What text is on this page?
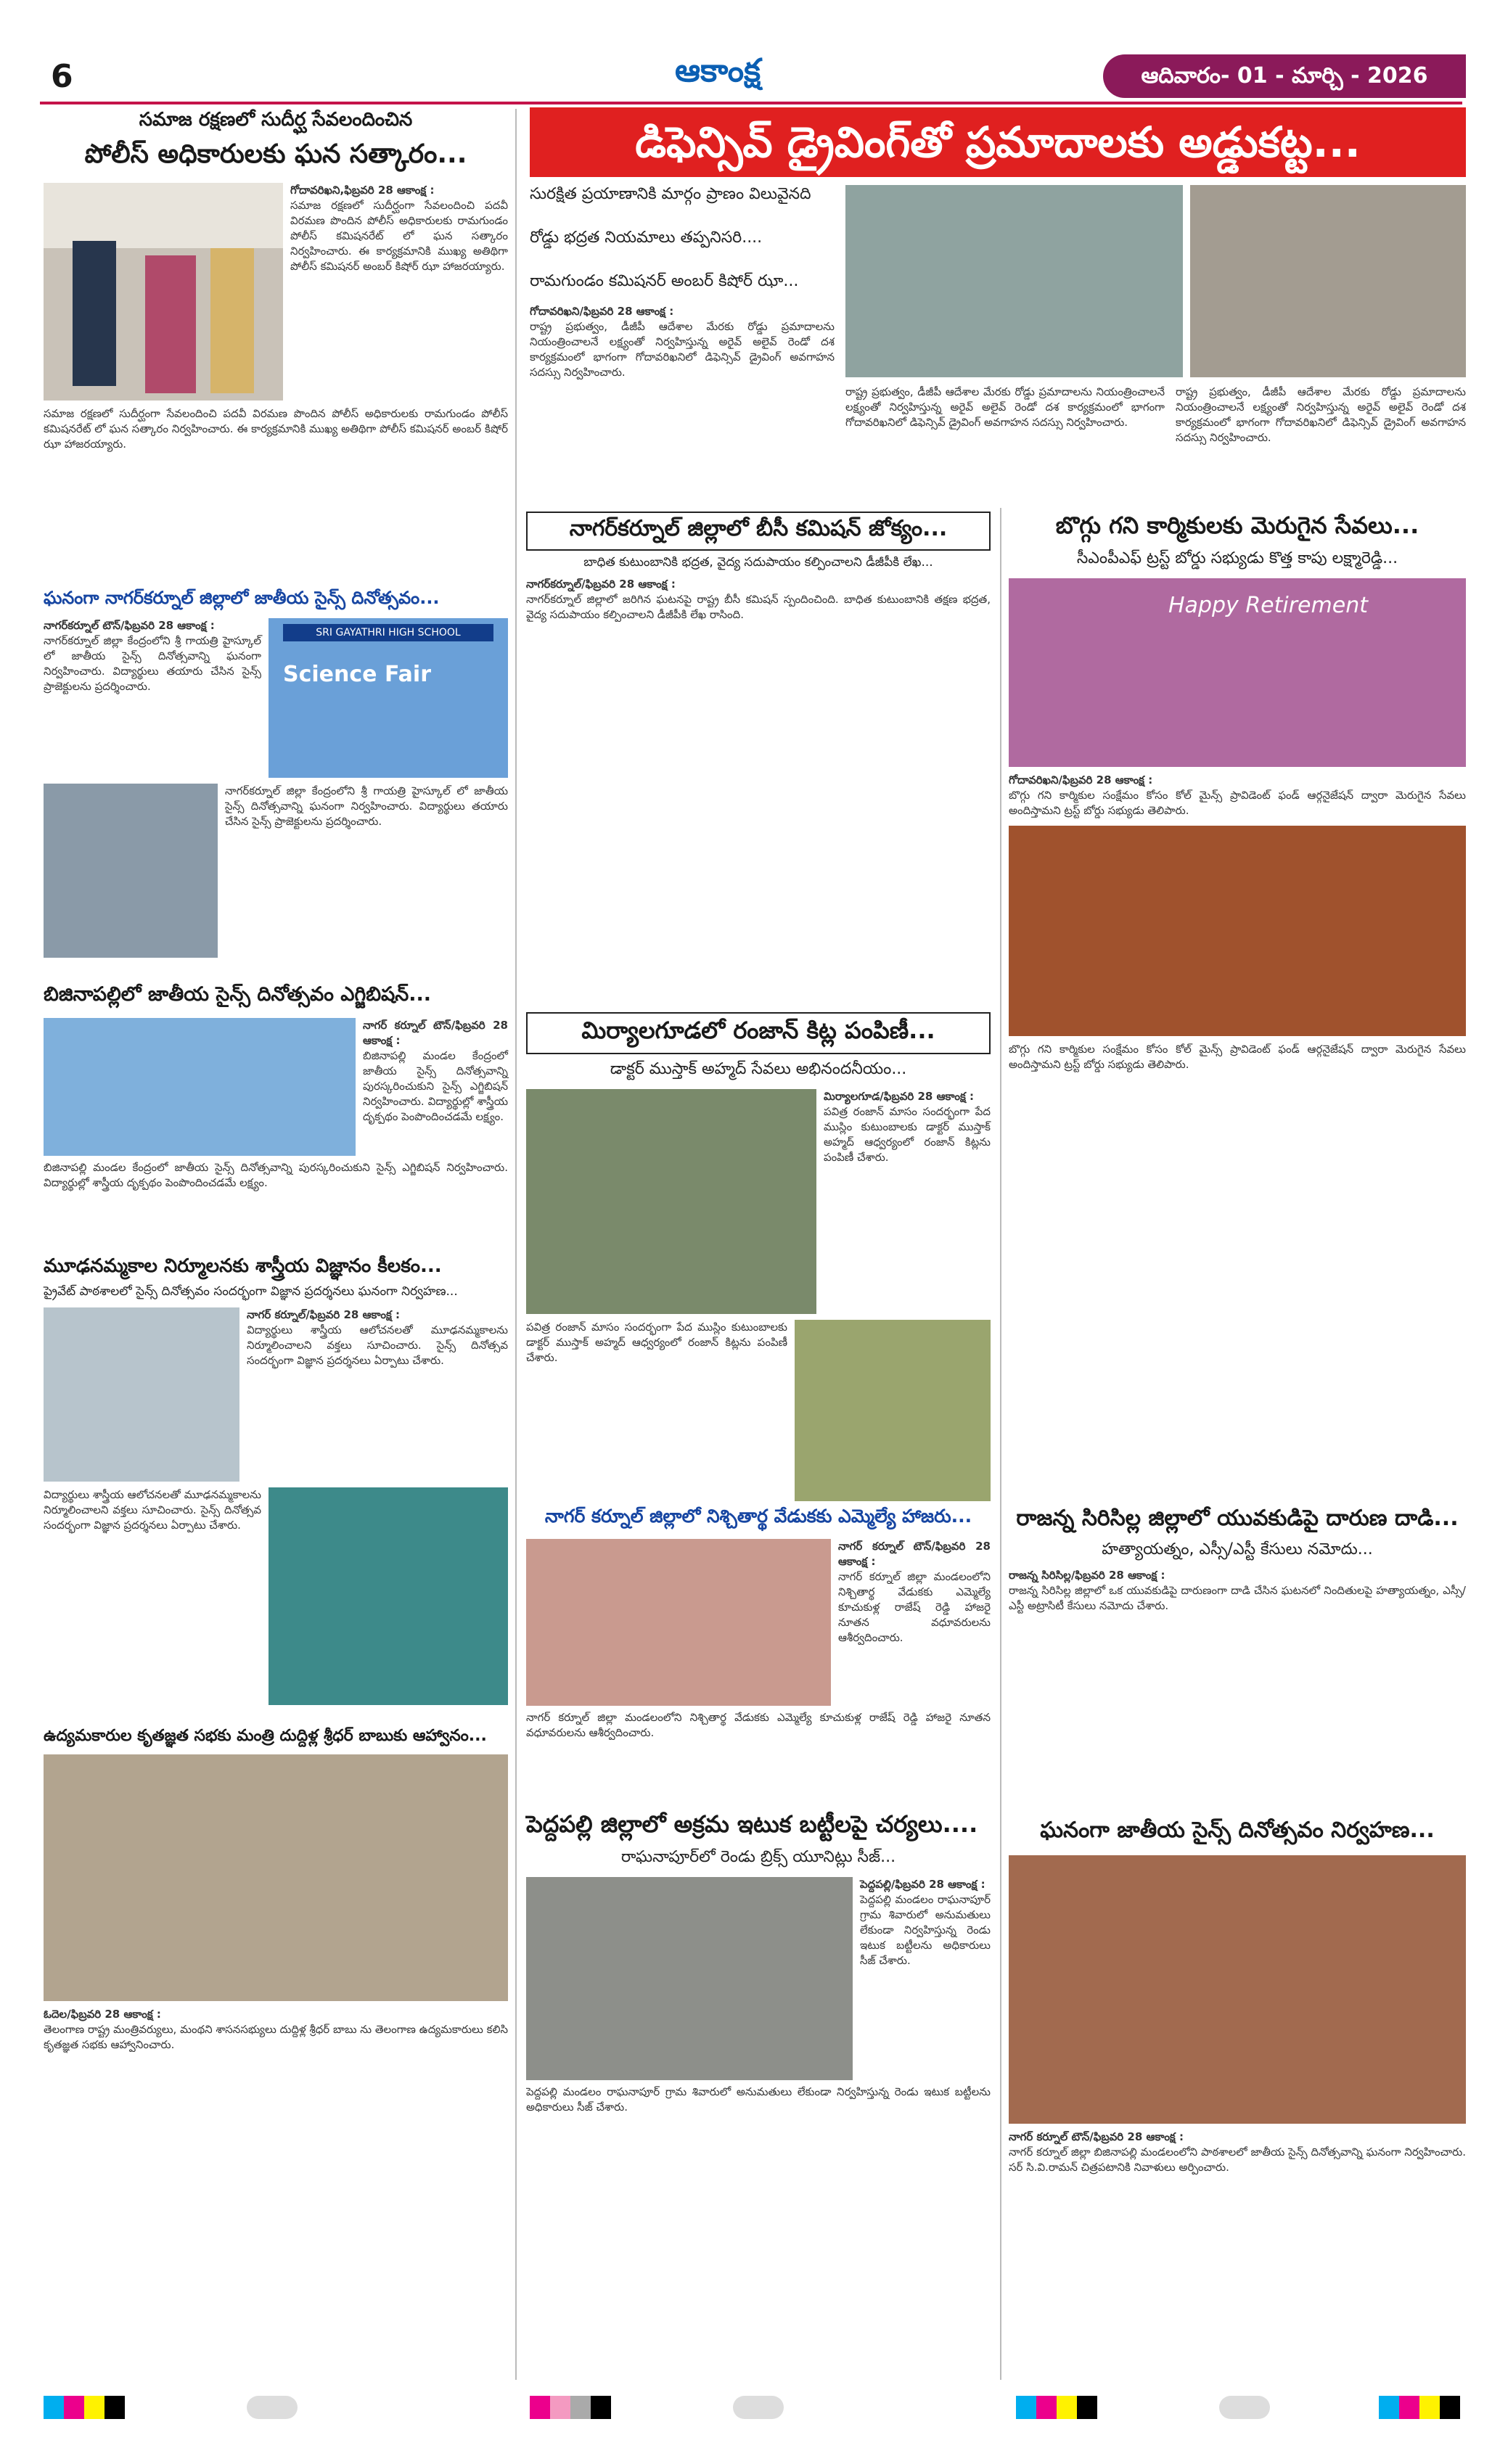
6	ఆకాంక్ష	ఆదివారం- 01 - మార్చి - 2026
సమాజ రక్షణలో సుదీర్ఘ సేవలందించిన
పోలీస్ అధికారులకు ఘన సత్కారం...
గోదావరిఖని,ఫిబ్రవరి 28 ఆకాంక్ష :
సమాజ రక్షణలో సుదీర్ఘంగా సేవలందించి పదవీ విరమణ పొందిన పోలీస్ అధికారులకు రామగుండం పోలీస్ కమిషనరేట్ లో ఘన సత్కారం నిర్వహించారు. ఈ కార్యక్రమానికి ముఖ్య అతిథిగా పోలీస్ కమిషనర్ అంబర్ కిషోర్ ఝా హాజరయ్యారు.
సమాజ రక్షణలో సుదీర్ఘంగా సేవలందించి పదవీ విరమణ పొందిన పోలీస్ అధికారులకు రామగుండం పోలీస్ కమిషనరేట్ లో ఘన సత్కారం నిర్వహించారు. ఈ కార్యక్రమానికి ముఖ్య అతిథిగా పోలీస్ కమిషనర్ అంబర్ కిషోర్ ఝా హాజరయ్యారు.
ఘనంగా నాగర్‌కర్నూల్ జిల్లాలో జాతీయ సైన్స్ దినోత్సవం...
నాగర్‌కర్నూల్ టౌన్/ఫిబ్రవరి 28 ఆకాంక్ష :
నాగర్‌కర్నూల్ జిల్లా కేంద్రంలోని శ్రీ గాయత్రి హైస్కూల్ లో జాతీయ సైన్స్ దినోత్సవాన్ని ఘనంగా నిర్వహించారు. విద్యార్థులు తయారు చేసిన సైన్స్ ప్రాజెక్టులను ప్రదర్శించారు.
SRI GAYATHRI HIGH SCHOOL
Science Fair
నాగర్‌కర్నూల్ జిల్లా కేంద్రంలోని శ్రీ గాయత్రి హైస్కూల్ లో జాతీయ సైన్స్ దినోత్సవాన్ని ఘనంగా నిర్వహించారు. విద్యార్థులు తయారు చేసిన సైన్స్ ప్రాజెక్టులను ప్రదర్శించారు.
బిజినాపల్లిలో జాతీయ సైన్స్ దినోత్సవం ఎగ్జిబిషన్...
నాగర్ కర్నూల్ టౌన్/ఫిబ్రవరి 28 ఆకాంక్ష :
బిజినాపల్లి మండల కేంద్రంలో జాతీయ సైన్స్ దినోత్సవాన్ని పురస్కరించుకుని సైన్స్ ఎగ్జిబిషన్ నిర్వహించారు. విద్యార్థుల్లో శాస్త్రీయ దృక్పథం పెంపొందించడమే లక్ష్యం.
బిజినాపల్లి మండల కేంద్రంలో జాతీయ సైన్స్ దినోత్సవాన్ని పురస్కరించుకుని సైన్స్ ఎగ్జిబిషన్ నిర్వహించారు. విద్యార్థుల్లో శాస్త్రీయ దృక్పథం పెంపొందించడమే లక్ష్యం.
మూఢనమ్మకాల నిర్మూలనకు శాస్త్రీయ విజ్ఞానం కీలకం...
ప్రైవేట్ పాఠశాలలో సైన్స్ దినోత్సవం సందర్భంగా విజ్ఞాన ప్రదర్శనలు ఘనంగా నిర్వహణ...
నాగర్ కర్నూల్/ఫిబ్రవరి 28 ఆకాంక్ష :
విద్యార్థులు శాస్త్రీయ ఆలోచనలతో మూఢనమ్మకాలను నిర్మూలించాలని వక్తలు సూచించారు. సైన్స్ దినోత్సవ సందర్భంగా విజ్ఞాన ప్రదర్శనలు ఏర్పాటు చేశారు.
విద్యార్థులు శాస్త్రీయ ఆలోచనలతో మూఢనమ్మకాలను నిర్మూలించాలని వక్తలు సూచించారు. సైన్స్ దినోత్సవ సందర్భంగా విజ్ఞాన ప్రదర్శనలు ఏర్పాటు చేశారు.
ఉద్యమకారుల కృతజ్ఞత సభకు మంత్రి దుద్దిళ్ల శ్రీధర్ బాబుకు ఆహ్వానం...
ఓదెల/ఫిబ్రవరి 28 ఆకాంక్ష :
తెలంగాణ రాష్ట్ర మంత్రివర్యులు, మంథని శాసనసభ్యులు దుద్దిళ్ల శ్రీధర్ బాబు ను తెలంగాణ ఉద్యమకారులు కలిసి కృతజ్ఞత సభకు ఆహ్వానించారు.
డిఫెన్సివ్ డ్రైవింగ్‌తో ప్రమాదాలకు అడ్డుకట్ట...
సురక్షిత ప్రయాణానికి మార్గం ప్రాణం విలువైనది
రోడ్డు భద్రత నియమాలు తప్పనిసరి....
రామగుండం కమిషనర్ అంబర్ కిషోర్ ఝా...
గోదావరిఖని/ఫిబ్రవరి 28 ఆకాంక్ష :
రాష్ట్ర ప్రభుత్వం, డీజీపీ ఆదేశాల మేరకు రోడ్డు ప్రమాదాలను నియంత్రించాలనే లక్ష్యంతో నిర్వహిస్తున్న అరైవ్ అలైవ్ రెండో దశ కార్యక్రమంలో భాగంగా గోదావరిఖనిలో డిఫెన్సివ్ డ్రైవింగ్ అవగాహన సదస్సు నిర్వహించారు.
రాష్ట్ర ప్రభుత్వం, డీజీపీ ఆదేశాల మేరకు రోడ్డు ప్రమాదాలను నియంత్రించాలనే లక్ష్యంతో నిర్వహిస్తున్న అరైవ్ అలైవ్ రెండో దశ కార్యక్రమంలో భాగంగా గోదావరిఖనిలో డిఫెన్సివ్ డ్రైవింగ్ అవగాహన సదస్సు నిర్వహించారు.
రాష్ట్ర ప్రభుత్వం, డీజీపీ ఆదేశాల మేరకు రోడ్డు ప్రమాదాలను నియంత్రించాలనే లక్ష్యంతో నిర్వహిస్తున్న అరైవ్ అలైవ్ రెండో దశ కార్యక్రమంలో భాగంగా గోదావరిఖనిలో డిఫెన్సివ్ డ్రైవింగ్ అవగాహన సదస్సు నిర్వహించారు.
నాగర్‌కర్నూల్ జిల్లాలో బీసీ కమిషన్ జోక్యం...
బాధిత కుటుంబానికి భద్రత, వైద్య సదుపాయం కల్పించాలని డీజీపీకి లేఖ...
నాగర్‌కర్నూల్/ఫిబ్రవరి 28 ఆకాంక్ష :
నాగర్‌కర్నూల్ జిల్లాలో జరిగిన ఘటనపై రాష్ట్ర బీసీ కమిషన్ స్పందించింది. బాధిత కుటుంబానికి తక్షణ భద్రత, వైద్య సదుపాయం కల్పించాలని డీజీపీకి లేఖ రాసింది.
మిర్యాలగూడలో రంజాన్ కిట్ల పంపిణీ...
డాక్టర్ ముస్తాక్ అహ్మద్ సేవలు అభినందనీయం...
మిర్యాలగూడ/ఫిబ్రవరి 28 ఆకాంక్ష :
పవిత్ర రంజాన్ మాసం సందర్భంగా పేద ముస్లిం కుటుంబాలకు డాక్టర్ ముస్తాక్ అహ్మద్ ఆధ్వర్యంలో రంజాన్ కిట్లను పంపిణీ చేశారు.
పవిత్ర రంజాన్ మాసం సందర్భంగా పేద ముస్లిం కుటుంబాలకు డాక్టర్ ముస్తాక్ అహ్మద్ ఆధ్వర్యంలో రంజాన్ కిట్లను పంపిణీ చేశారు.
నాగర్ కర్నూల్ జిల్లాలో నిశ్చితార్థ వేడుకకు ఎమ్మెల్యే హాజరు...
నాగర్ కర్నూల్ టౌన్/ఫిబ్రవరి 28 ఆకాంక్ష :
నాగర్ కర్నూల్ జిల్లా మండలంలోని నిశ్చితార్థ వేడుకకు ఎమ్మెల్యే కూచుకుళ్ల రాజేష్ రెడ్డి హాజరై నూతన వధూవరులను ఆశీర్వదించారు.
నాగర్ కర్నూల్ జిల్లా మండలంలోని నిశ్చితార్థ వేడుకకు ఎమ్మెల్యే కూచుకుళ్ల రాజేష్ రెడ్డి హాజరై నూతన వధూవరులను ఆశీర్వదించారు.
పెద్దపల్లి జిల్లాలో అక్రమ ఇటుక బట్టీలపై చర్యలు....
రాఘనాపూర్‌లో రెండు బ్రిక్స్ యూనిట్లు సీజ్...
పెద్దపల్లి/ఫిబ్రవరి 28 ఆకాంక్ష :
పెద్దపల్లి మండలం రాఘనాపూర్ గ్రామ శివారులో అనుమతులు లేకుండా నిర్వహిస్తున్న రెండు ఇటుక బట్టీలను అధికారులు సీజ్ చేశారు.
పెద్దపల్లి మండలం రాఘనాపూర్ గ్రామ శివారులో అనుమతులు లేకుండా నిర్వహిస్తున్న రెండు ఇటుక బట్టీలను అధికారులు సీజ్ చేశారు.
బొగ్గు గని కార్మికులకు మెరుగైన సేవలు...
సీఎంపీఎఫ్ ట్రస్ట్ బోర్డు సభ్యుడు కొత్త కాపు లక్ష్మారెడ్డి...
Happy Retirement
గోదావరిఖని/ఫిబ్రవరి 28 ఆకాంక్ష :
బొగ్గు గని కార్మికుల సంక్షేమం కోసం కోల్ మైన్స్ ప్రావిడెంట్ ఫండ్ ఆర్గనైజేషన్ ద్వారా మెరుగైన సేవలు అందిస్తామని ట్రస్ట్ బోర్డు సభ్యుడు తెలిపారు.
బొగ్గు గని కార్మికుల సంక్షేమం కోసం కోల్ మైన్స్ ప్రావిడెంట్ ఫండ్ ఆర్గనైజేషన్ ద్వారా మెరుగైన సేవలు అందిస్తామని ట్రస్ట్ బోర్డు సభ్యుడు తెలిపారు.
రాజన్న సిరిసిల్ల జిల్లాలో యువకుడిపై దారుణ దాడి...
హత్యాయత్నం, ఎస్సీ/ఎస్టీ కేసులు నమోదు...
రాజన్న సిరిసిల్ల/ఫిబ్రవరి 28 ఆకాంక్ష :
రాజన్న సిరిసిల్ల జిల్లాలో ఒక యువకుడిపై దారుణంగా దాడి చేసిన ఘటనలో నిందితులపై హత్యాయత్నం, ఎస్సీ/ఎస్టీ అట్రాసిటీ కేసులు నమోదు చేశారు.
ఘనంగా జాతీయ సైన్స్ దినోత్సవం నిర్వహణ...
నాగర్ కర్నూల్ టౌన్/ఫిబ్రవరి 28 ఆకాంక్ష :
నాగర్ కర్నూల్ జిల్లా బిజినాపల్లి మండలంలోని పాఠశాలలో జాతీయ సైన్స్ దినోత్సవాన్ని ఘనంగా నిర్వహించారు. సర్ సి.వి.రామన్ చిత్రపటానికి నివాళులు అర్పించారు.
